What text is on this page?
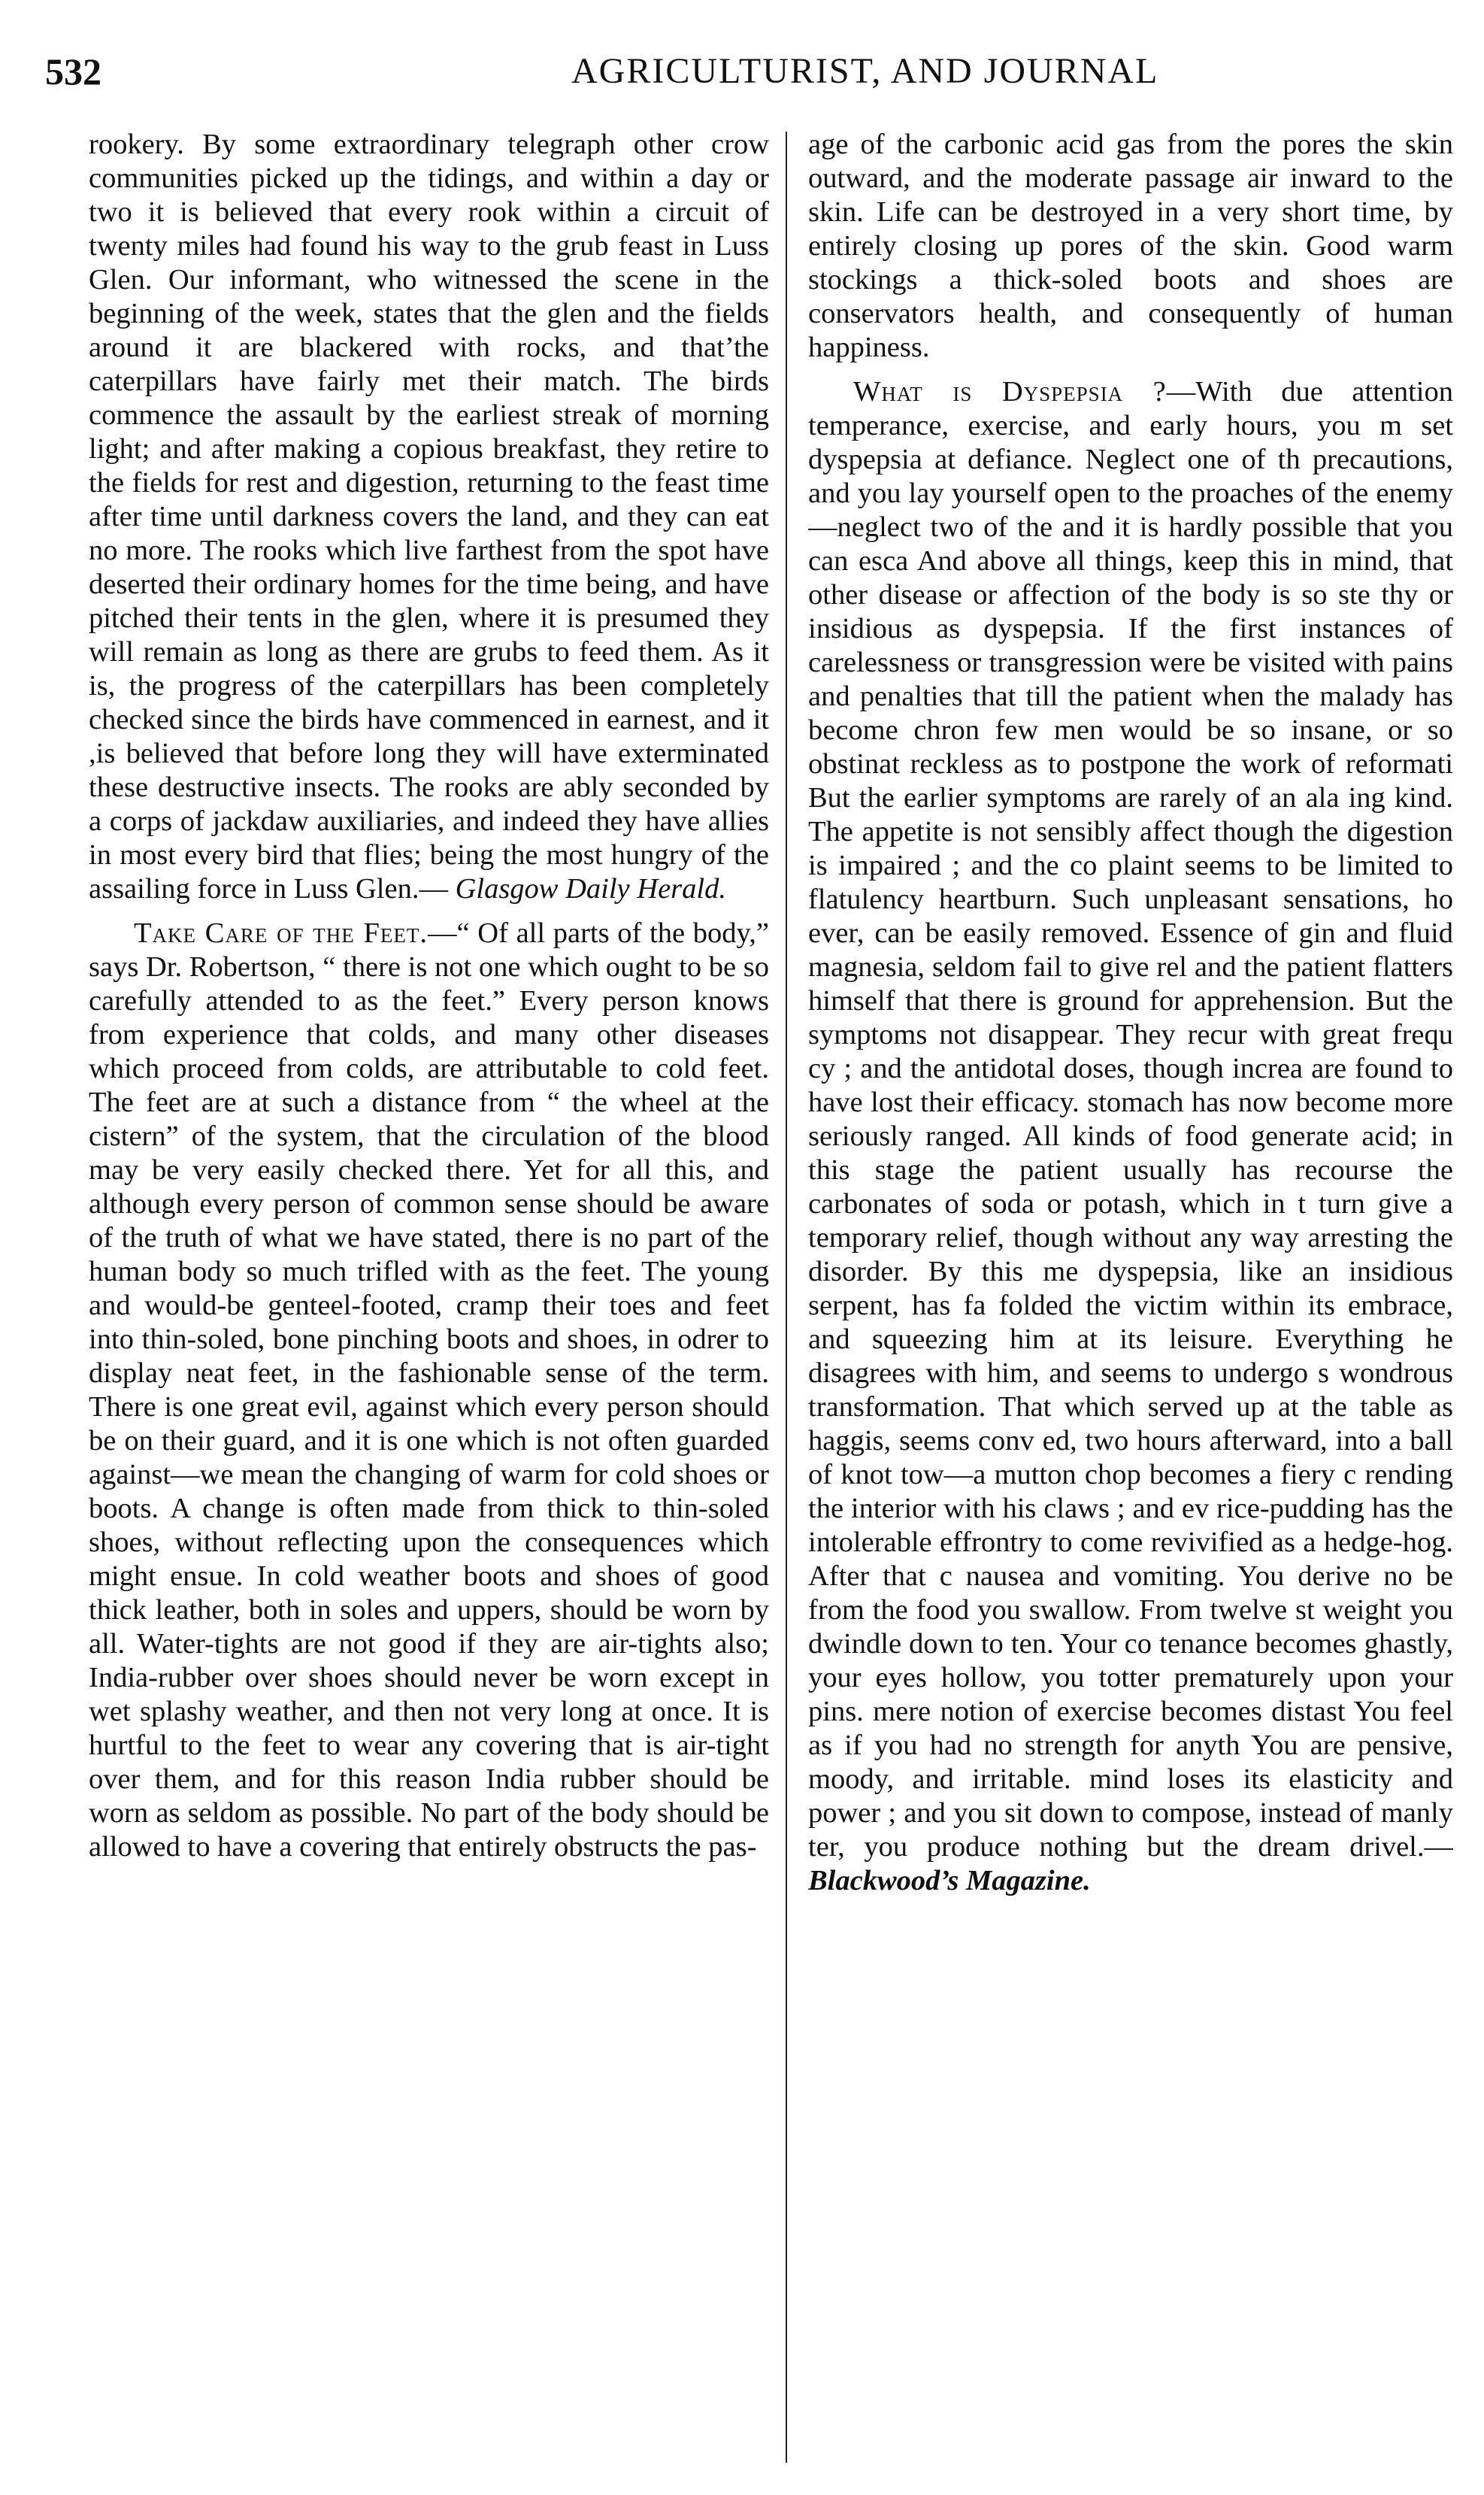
532	AGRICULTURIST, AND JOURNAL

rookery. By some extraordinary telegraph other crow communities picked up the tidings, and within a day or two it is believed that every rook within a circuit of twenty miles had found his way to the grub feast in Luss Glen. Our informant, who witnessed the scene in the beginning of the week, states that the glen and the fields around it are blackered with rocks, and that’the caterpillars have fairly met their match. The birds commence the assault by the earliest streak of morning light; and after making a copious breakfast, they retire to the fields for rest and digestion, returning to the feast time after time until darkness covers the land, and they can eat no more. The rooks which live farthest from the spot have deserted their ordinary homes for the time being, and have pitched their tents in the glen, where it is presumed they will remain as long as there are grubs to feed them. As it is, the progress of the caterpillars has been completely checked since the birds have commenced in earnest, and it ,is believed that before long they will have exterminated these destructive insects. The rooks are ably seconded by a corps of jackdaw auxiliaries, and indeed they have allies in most every bird that flies; being the most hungry of the assailing force in Luss Glen.— Glasgow Daily Herald.

Take Care of the Feet.—“ Of all parts of the body,” says Dr. Robertson, “ there is not one which ought to be so carefully attended to as the feet.” Every person knows from experience that colds, and many other diseases which proceed from colds, are attributable to cold feet. The feet are at such a distance from “ the wheel at the cistern” of the system, that the circulation of the blood may be very easily checked there. Yet for all this, and although every person of common sense should be aware of the truth of what we have stated, there is no part of the human body so much trifled with as the feet. The young and would-be genteel-footed, cramp their toes and feet into thin-soled, bone pinching boots and shoes, in odrer to display neat feet, in the fashionable sense of the term. There is one great evil, against which every person should be on their guard, and it is one which is not often guarded against—we mean the changing of warm for cold shoes or boots. A change is often made from thick to thin-soled shoes, without reflecting upon the consequences which might ensue. In cold weather boots and shoes of good thick leather, both in soles and uppers, should be worn by all. Water-tights are not good if they are air-tights also; India-rubber over shoes should never be worn except in wet splashy weather, and then not very long at once. It is hurtful to the feet to wear any covering that is air-tight over them, and for this reason India rubber should be worn as seldom as possible. No part of the body should be allowed to have a covering that entirely obstructs the pas-

age of the carbonic acid gas from the pores the skin outward, and the moderate passage air inward to the skin. Life can be destroyed in a very short time, by entirely closing up pores of the skin. Good warm stockings a thick-soled boots and shoes are conservators health, and consequently of human happiness.

What is Dyspepsia ?—With due attention temperance, exercise, and early hours, you m set dyspepsia at defiance. Neglect one of th precautions, and you lay yourself open to the proaches of the enemy—neglect two of the and it is hardly possible that you can esca And above all things, keep this in mind, that other disease or affection of the body is so ste thy or insidious as dyspepsia. If the first instances of carelessness or transgression were be visited with pains and penalties that till the patient when the malady has become chron few men would be so insane, or so obstinat reckless as to postpone the work of reformati But the earlier symptoms are rarely of an ala ing kind. The appetite is not sensibly affect though the digestion is impaired ; and the co plaint seems to be limited to flatulency heartburn. Such unpleasant sensations, ho ever, can be easily removed. Essence of gin and fluid magnesia, seldom fail to give rel and the patient flatters himself that there is ground for apprehension. But the symptoms not disappear. They recur with great frequ cy ; and the antidotal doses, though increa are found to have lost their efficacy. stomach has now become more seriously ranged. All kinds of food generate acid; in this stage the patient usually has recourse the carbonates of soda or potash, which in t turn give a temporary relief, though without any way arresting the disorder. By this me dyspepsia, like an insidious serpent, has fa folded the victim within its embrace, and squeezing him at its leisure. Everything he disagrees with him, and seems to undergo s wondrous transformation. That which served up at the table as haggis, seems conv ed, two hours afterward, into a ball of knot tow—a mutton chop becomes a fiery c rending the interior with his claws ; and ev rice-pudding has the intolerable effrontry to come revivified as a hedge-hog. After that c nausea and vomiting. You derive no be from the food you swallow. From twelve st weight you dwindle down to ten. Your co tenance becomes ghastly, your eyes hollow, you totter prematurely upon your pins. mere notion of exercise becomes distast You feel as if you had no strength for anyth You are pensive, moody, and irritable. mind loses its elasticity and power ; and you sit down to compose, instead of manly ter, you produce nothing but the dream drivel.—Blackwood’s Magazine.
